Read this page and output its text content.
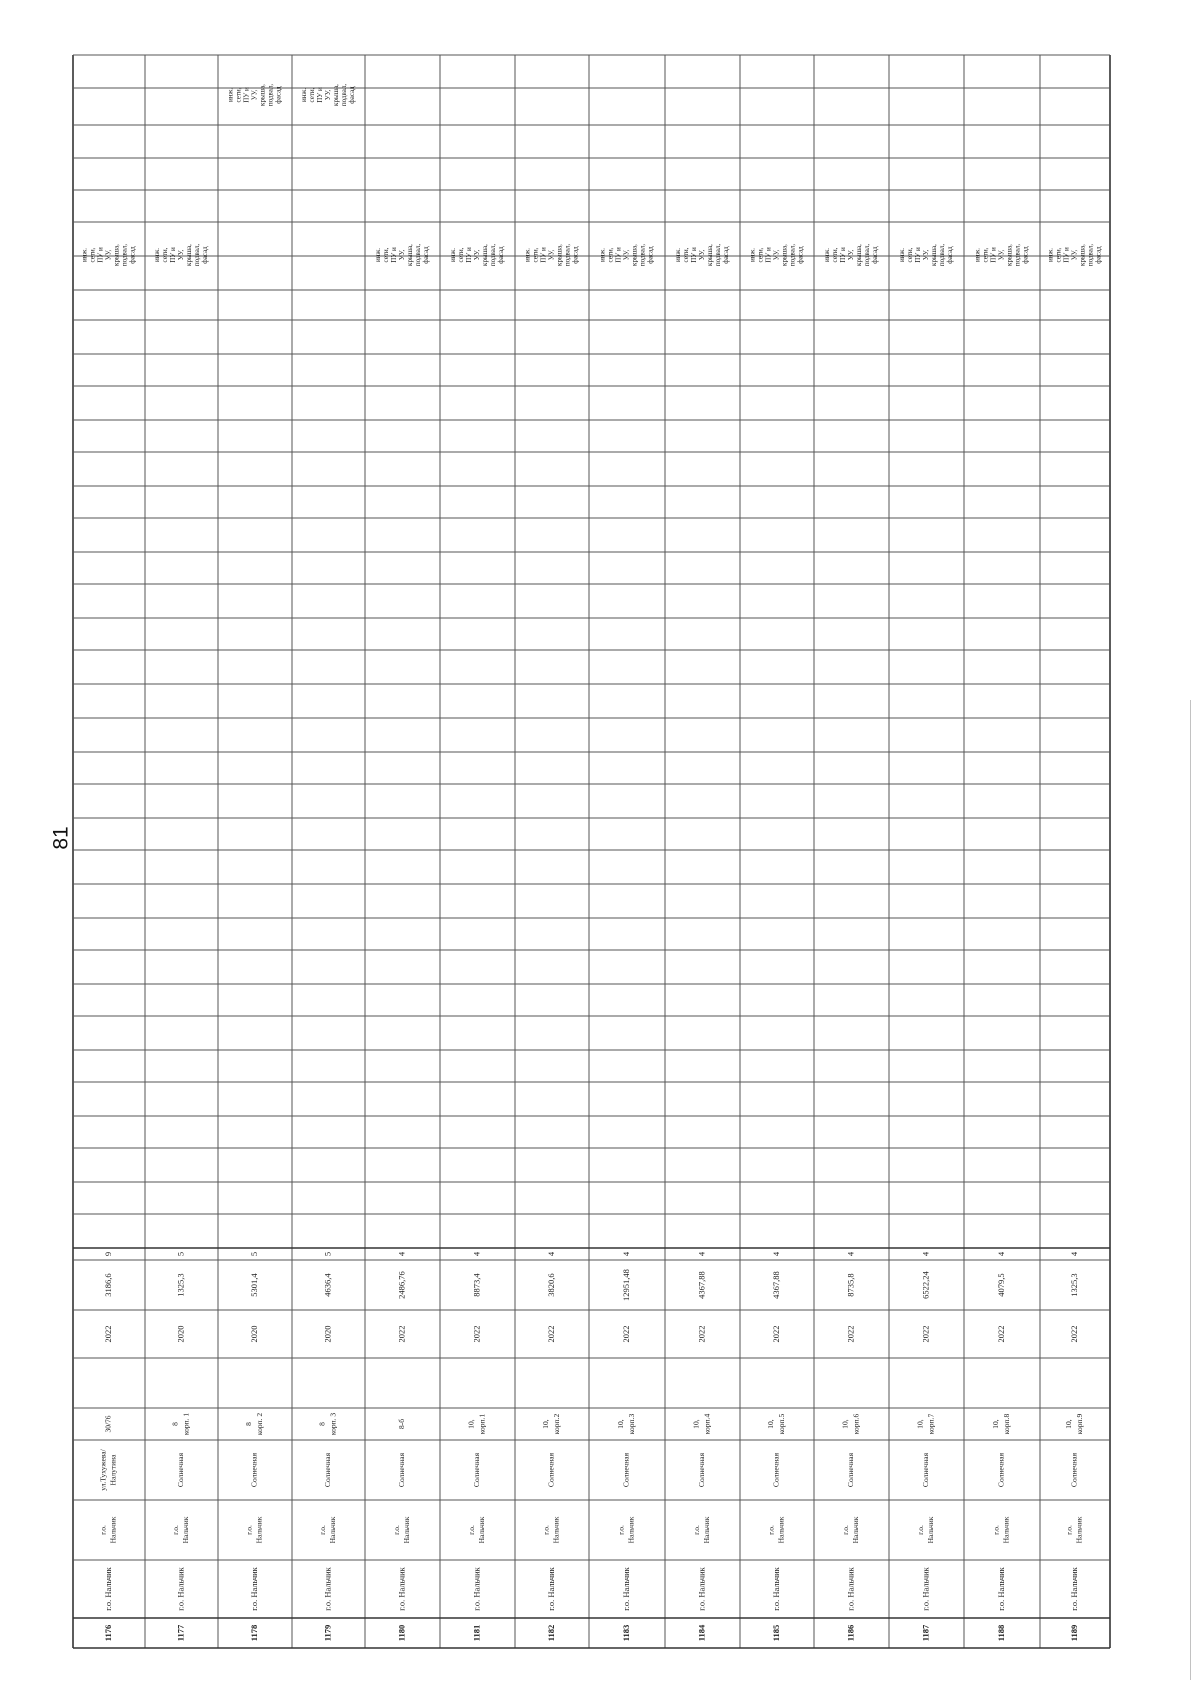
81
1176
г.о. Нальчик
г.о. Нальчик
ул.Тухужева/ Налутина
30/76
2022
3186,6
9
инж. сети, ПУ и УУ, крыша, подвал, фасад
1177
г.о. Нальчик
г.о. Нальчик
Солнечная
8 корп. 1
2020
1325,3
5
инж. сети, ПУ и УУ, крыша, подвал, фасад
1178
г.о. Нальчик
г.о. Нальчик
Солнечная
8 корп. 2
2020
5301,4
5
инж. сети, ПУ и УУ, крыша, подвал, фасад
1179
г.о. Нальчик
г.о. Нальчик
Солнечная
8 корп. 3
2020
4636,4
5
инж. сети, ПУ и УУ, крыша, подвал, фасад
1180
г.о. Нальчик
г.о. Нальчик
Солнечная
8-б
2022
2486,76
4
инж. сети, ПУ и УУ, крыша, подвал, фасад
1181
г.о. Нальчик
г.о. Нальчик
Солнечная
10, корп.1
2022
8873,4
4
инж. сети, ПУ и УУ, крыша, подвал, фасад
1182
г.о. Нальчик
г.о. Нальчик
Солнечная
10, корп.2
2022
3820,6
4
инж. сети, ПУ и УУ, крыша, подвал, фасад
1183
г.о. Нальчик
г.о. Нальчик
Солнечная
10, корп.3
2022
12951,48
4
инж. сети, ПУ и УУ, крыша, подвал, фасад
1184
г.о. Нальчик
г.о. Нальчик
Солнечная
10, корп.4
2022
4367,88
4
инж. сети, ПУ и УУ, крыша, подвал, фасад
1185
г.о. Нальчик
г.о. Нальчик
Солнечная
10, корп.5
2022
4367,88
4
инж. сети, ПУ и УУ, крыша, подвал, фасад
1186
г.о. Нальчик
г.о. Нальчик
Солнечная
10, корп.6
2022
8735,8
4
инж. сети, ПУ и УУ, крыша, подвал, фасад
1187
г.о. Нальчик
г.о. Нальчик
Солнечная
10, корп.7
2022
6522,24
4
инж. сети, ПУ и УУ, крыша, подвал, фасад
1188
г.о. Нальчик
г.о. Нальчик
Солнечная
10, корп.8
2022
4079,5
4
инж. сети, ПУ и УУ, крыша, подвал, фасад
1189
г.о. Нальчик
г.о. Нальчик
Солнечная
10, корп.9
2022
1325,3
4
инж. сети, ПУ и УУ, крыша, подвал, фасад
